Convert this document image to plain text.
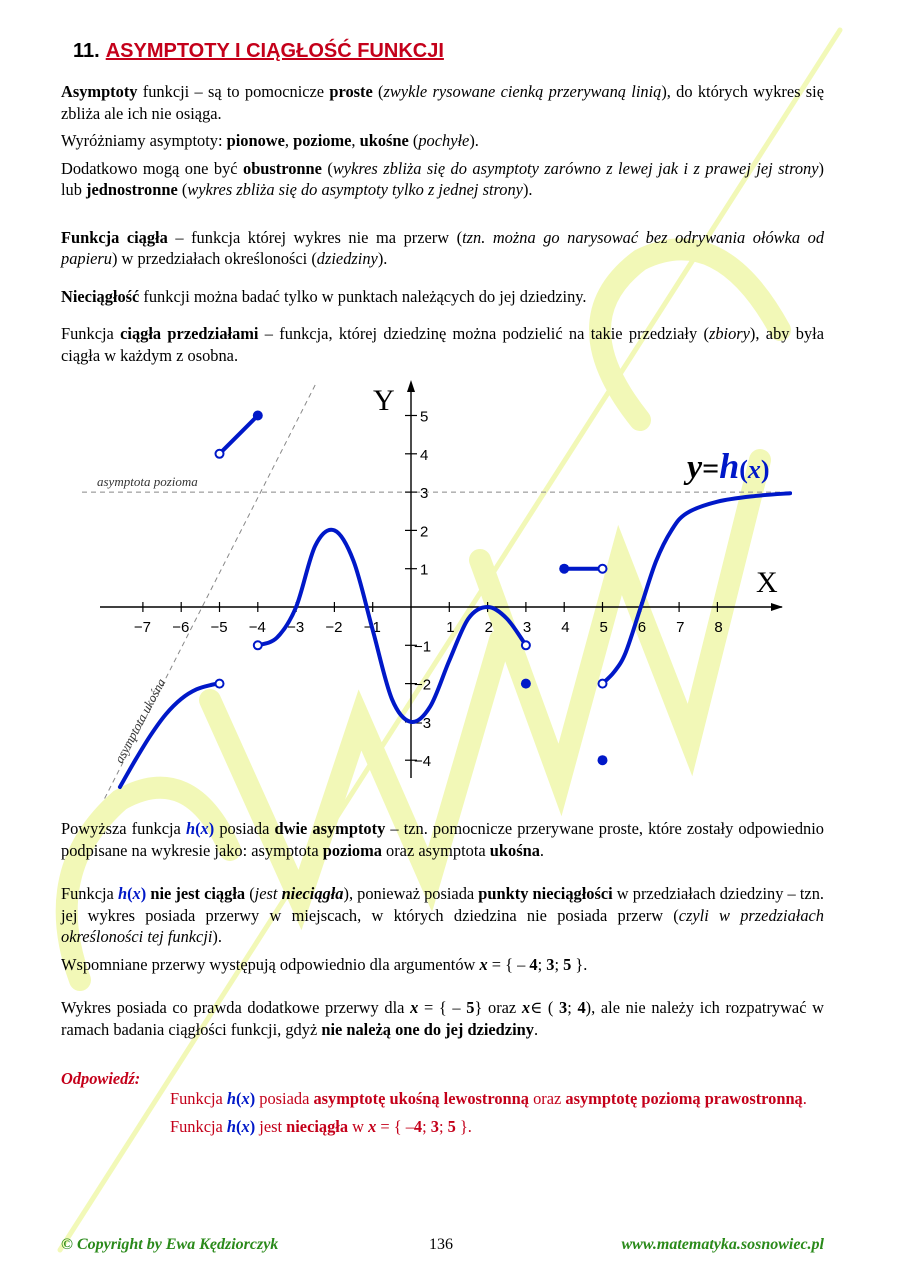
11. ASYMPTOTY I CIĄGŁOŚĆ FUNKCJI

Asymptoty funkcji – są to pomocnicze proste (zwykle rysowane cienką przerywaną linią), do których wykres się zbliża ale ich nie osiąga.

Wyróżniamy asymptoty: pionowe, poziome, ukośne (pochyłe).

Dodatkowo mogą one być obustronne (wykres zbliża się do asymptoty zarówno z lewej jak i z prawej jej strony) lub jednostronne (wykres zbliża się do asymptoty tylko z jednej strony).

Funkcja ciągła – funkcja której wykres nie ma przerw (tzn. można go narysować bez odrywania ołówka od papieru) w przedziałach określoności (dziedziny).

Nieciągłość funkcji można badać tylko w punktach należących do jej dziedziny.

Funkcja ciągła przedziałami – funkcja, której dziedzinę można podzielić na takie przedziały (zbiory), aby była ciągła w każdym z osobna.

asymptota pozioma
asymptota ukośna
Y
X
−7 −6 −5 −4 −3 −2 −1	1 2 3 4 5 6 7 8
5
4
3
2
1
−1
−2
−3
−4
y=h(x)

Powyższa funkcja h(x) posiada dwie asymptoty – tzn. pomocnicze przerywane proste, które zostały odpowiednio podpisane na wykresie jako: asymptota pozioma oraz asymptota ukośna.

Funkcja h(x) nie jest ciągła (jest nieciągła), ponieważ posiada punkty nieciągłości w przedziałach dziedziny – tzn. jej wykres posiada przerwy w miejscach, w których dziedzina nie posiada przerw (czyli w przedziałach określoności tej funkcji).

Wspomniane przerwy występują odpowiednio dla argumentów x = { – 4; 3; 5 }.

Wykres posiada co prawda dodatkowe przerwy dla x = { – 5} oraz x∈ ( 3; 4), ale nie należy ich rozpatrywać w ramach badania ciągłości funkcji, gdyż nie należą one do jej dziedziny.

Odpowiedź:

Funkcja h(x) posiada asymptotę ukośną lewostronną oraz asymptotę poziomą prawostronną.

Funkcja h(x) jest nieciągła w x = { –4; 3; 5 }.

© Copyright by Ewa Kędziorczyk	136	www.matematyka.sosnowiec.pl
